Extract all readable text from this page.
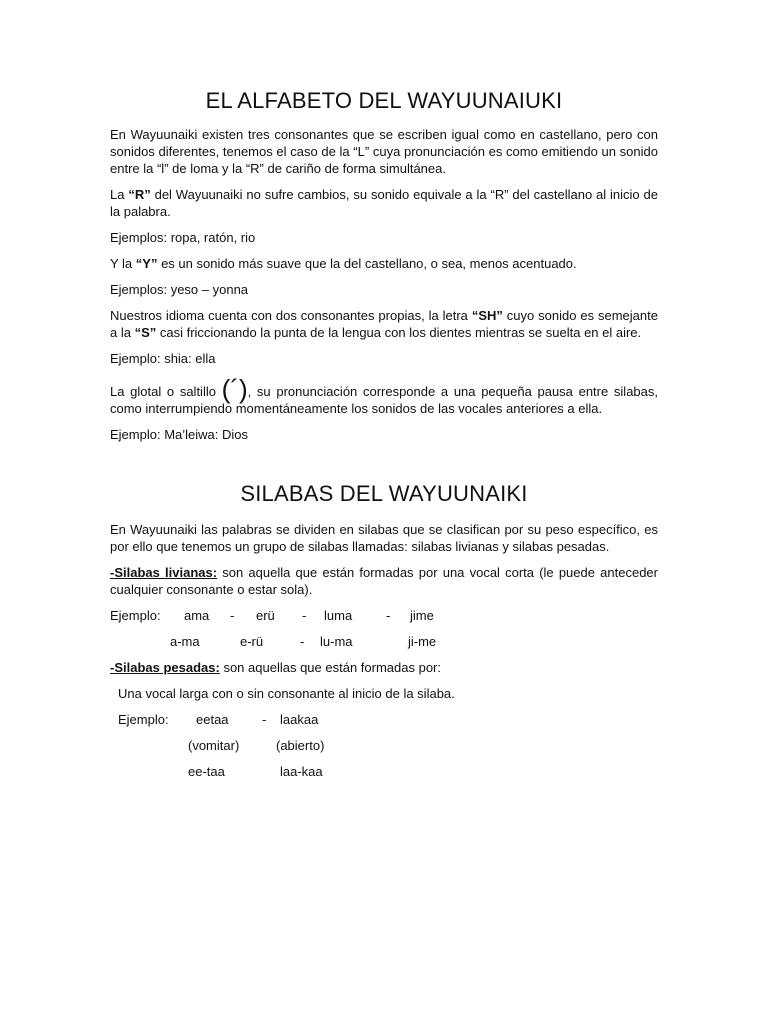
EL ALFABETO DEL WAYUUNAIUKI

En Wayuunaiki existen tres consonantes que se escriben igual como en castellano, pero con sonidos diferentes, tenemos el caso de la “L” cuya pronunciación es como emitiendo un sonido entre la “l” de loma y la “R” de cariño de forma simultánea.

La “R” del Wayuunaiki no sufre cambios, su sonido equivale a la “R” del castellano al inicio de la palabra.

Ejemplos: ropa, ratón, rio

Y la “Y” es un sonido más suave que la del castellano, o sea, menos acentuado.

Ejemplos: yeso – yonna

Nuestros idioma cuenta con dos consonantes propias, la letra “SH” cuyo sonido es semejante a la “S” casi friccionando la punta de la lengua con los dientes mientras se suelta en el aire.

Ejemplo: shia: ella

La glotal o saltillo (´), su pronunciación corresponde a una pequeña pausa entre silabas, como interrumpiendo momentáneamente los sonidos de las vocales anteriores a ella.

Ejemplo: Ma’leiwa: Dios

SILABAS DEL WAYUUNAIKI

En Wayuunaiki las palabras se dividen en silabas que se clasifican por su peso específico, es por ello que tenemos un grupo de silabas llamadas: silabas livianas y silabas pesadas.

-Silabas livianas: son aquella que están formadas por una vocal corta (le puede anteceder cualquier consonante o estar sola).

Ejemplo:	ama	-	erü	-	luma	-	jime
a-ma	e-rü	-	lu-ma	ji-me

-Silabas pesadas: son aquellas que están formadas por:

Una vocal larga con o sin consonante al inicio de la silaba.

Ejemplo:	eetaa	-	laakaa
(vomitar)	(abierto)
ee-taa	laa-kaa
